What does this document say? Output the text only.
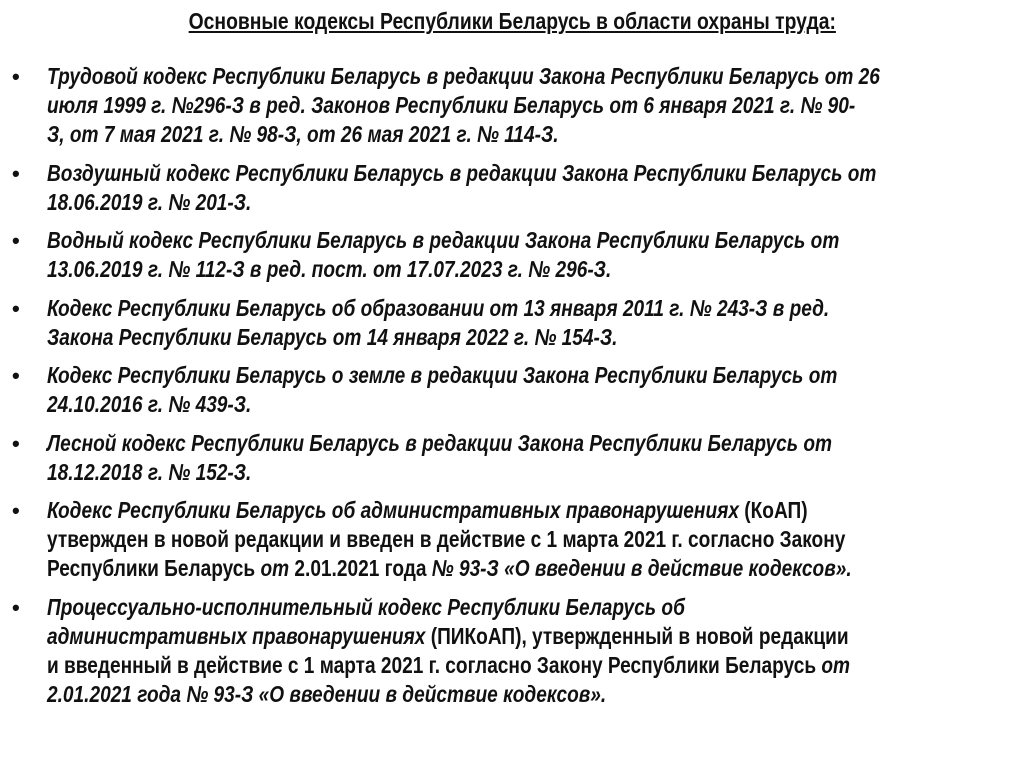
Основные кодексы Республики Беларусь в области охраны труда:
• Трудовой кодекс Республики Беларусь в редакции Закона Республики Беларусь от 26
июля 1999 г. №296-З в ред. Законов Республики Беларусь от 6 января 2021 г. № 90-
З, от 7 мая 2021 г. № 98-З, от 26 мая 2021 г. № 114-З.
• Воздушный кодекс Республики Беларусь в редакции Закона Республики Беларусь от
18.06.2019 г. № 201-З.
• Водный кодекс Республики Беларусь в редакции Закона Республики Беларусь от
13.06.2019 г. № 112-З в ред. пост. от 17.07.2023 г. № 296-З.
• Кодекс Республики Беларусь об образовании от 13 января 2011 г. № 243-З в ред.
Закона Республики Беларусь от 14 января 2022 г. № 154-З.
• Кодекс Республики Беларусь о земле в редакции Закона Республики Беларусь от
24.10.2016 г. № 439-З.
• Лесной кодекс Республики Беларусь в редакции Закона Республики Беларусь от
18.12.2018 г. № 152-З.
• Кодекс Республики Беларусь об административных правонарушениях (КоАП)
утвержден в новой редакции и введен в действие с 1 марта 2021 г. согласно Закону
Республики Беларусь от 2.01.2021 года № 93-З «О введении в действие кодексов».
• Процессуально-исполнительный кодекс Республики Беларусь об
административных правонарушениях (ПИКоАП), утвержденный в новой редакции
и введенный в действие с 1 марта 2021 г. согласно Закону Республики Беларусь от
2.01.2021 года № 93-З «О введении в действие кодексов».
